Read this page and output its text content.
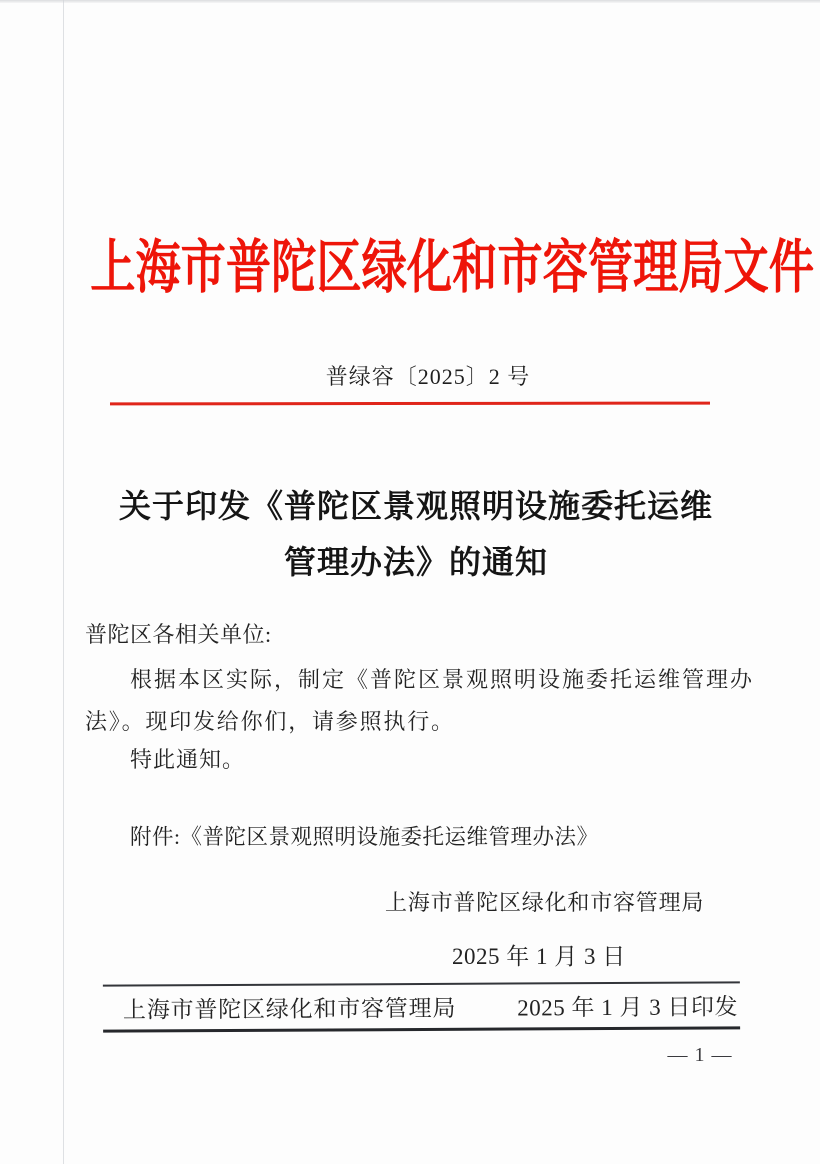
上海市普陀区绿化和市容管理局文件
普绿容〔2025〕2 号
关于印发《普陀区景观照明设施委托运维
管理办法》的通知
普陀区各相关单位:
根据本区实际，制定《普陀区景观照明设施委托运维管理办
法》。现印发给你们，请参照执行。
特此通知。
附件:《普陀区景观照明设施委托运维管理办法》
上海市普陀区绿化和市容管理局
2025 年 1 月 3 日
上海市普陀区绿化和市容管理局	2025 年 1 月 3 日印发
— 1 —
